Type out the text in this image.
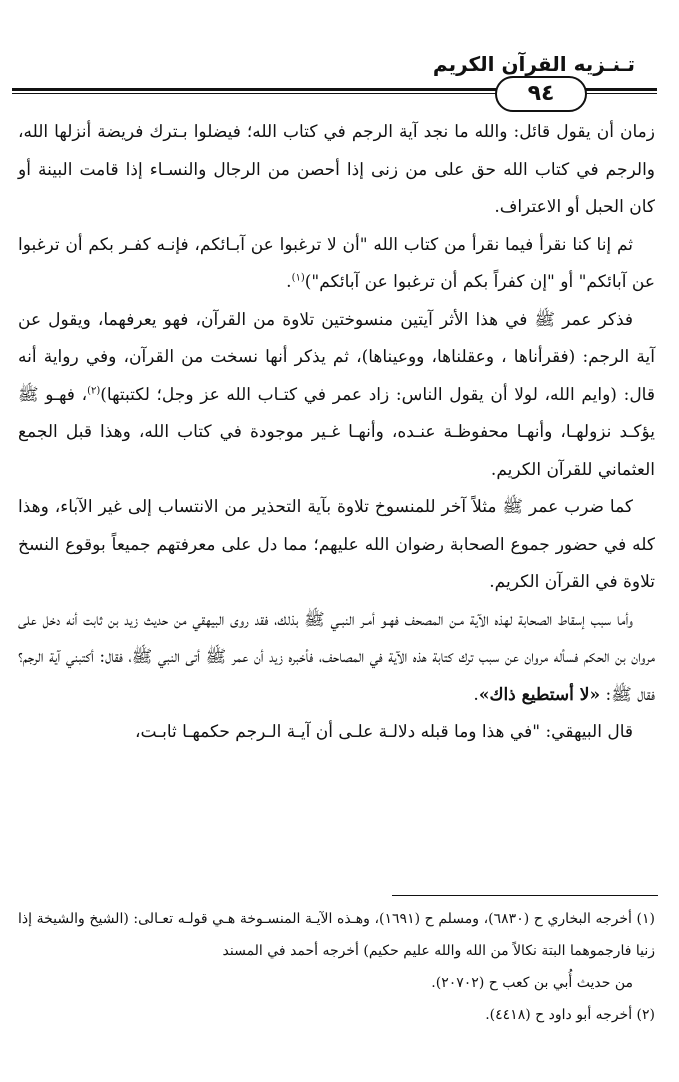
تـنـزيه القرآن الكريم
٩٤

زمان أن يقول قائل: والله ما نجد آية الرجم في كتاب الله؛ فيضلوا بـترك فريضة أنزلها الله، والرجم في كتاب الله حق على من زنى إذا أحصن من الرجال والنسـاء إذا قامت البينة أو كان الحبل أو الاعتراف.

ثم إنا كنا نقرأ فيما نقرأ من كتاب الله "أن لا ترغبوا عن آبـائكم، فإنـه كفـر بكم أن ترغبوا عن آبائكم" أو "إن كفراً بكم أن ترغبوا عن آبائكم")$^{(١)}$.

فذكر عمر ﷺ في هذا الأثر آيتين منسوختين تلاوة من القرآن، فهو يعرفهما، ويقول عن آية الرجم: (فقرأناها ، وعقلناها، ووعيناها)، ثم يذكر أنها نسخت من القرآن، وفي رواية أنه قال: (وايم الله، لولا أن يقول الناس: زاد عمر في كتـاب الله عز وجل؛ لكتبتها)$^{(٢)}$، فهـو ﷺ يؤكـد نزولهـا، وأنهـا محفوظـة عنـده، وأنهـا غـير موجودة في كتاب الله، وهذا قبل الجمع العثماني للقرآن الكريم.

كما ضرب عمر ﷺ مثلاً آخر للمنسوخ تلاوة بآية التحذير من الانتساب إلى غير الآباء، وهذا كله في حضور جموع الصحابة رضوان الله عليهم؛ مما دل على معرفتهم جميعاً بوقوع النسخ تلاوة في القرآن الكريم.

وأما سبب إسقاط الصحابة لهذه الآية مـن المصحف فهـو أمـر النبـي ﷺ بذلك، فقد روى البيهقي من حديث زيد بن ثابت أنه دخل على مروان بن الحكم فسأله مروان عن سبب ترك كتابة هذه الآية في المصاحف، فأخبره زيد أن عمر ﷺ أتى النبي ﷺ، فقال: أكتبني آية الرجم؟ فقال ﷺ: «لا أستطيع ذاك».

قال البيهقي: "في هذا وما قبله دلالـة علـى أن آيـة الـرجم حكمهـا ثابـت،

(١) أخرجه البخاري ح (٦٨٣٠)، ومسلم ح (١٦٩١)، وهـذه الآيـة المنسـوخة هـي قولـه تعـالى: (الشيخ والشيخة إذا زنيا فارجموهما البتة نكالاً من الله والله عليم حكيم) أخرجه أحمد في المسند

من حديث أُبي بن كعب ح (٢٠٧٠٢).

(٢) أخرجه أبو داود ح (٤٤١٨).
